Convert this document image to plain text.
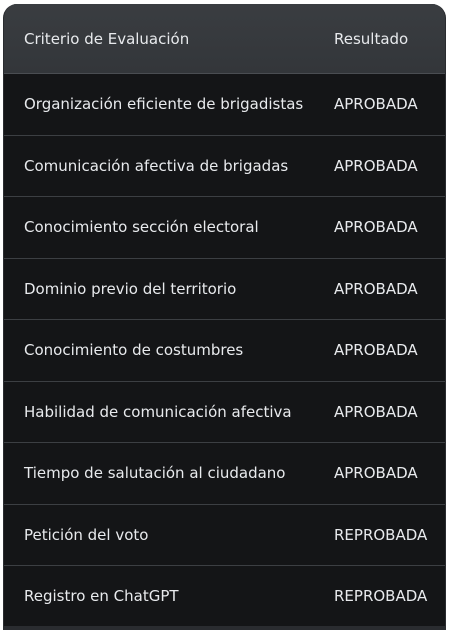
Criterio de Evaluación	Resultado
Organización eficiente de brigadistas APROBADA
Comunicación afectiva de brigadas	APROBADA
Conocimiento sección electoral	APROBADA
Dominio previo del territorio	APROBADA
Conocimiento de costumbres	APROBADA
Habilidad de comunicación afectiva	APROBADA
Tiempo de salutación al ciudadano	APROBADA
Petición del voto	REPROBADA
Registro en ChatGPT	REPROBADA
